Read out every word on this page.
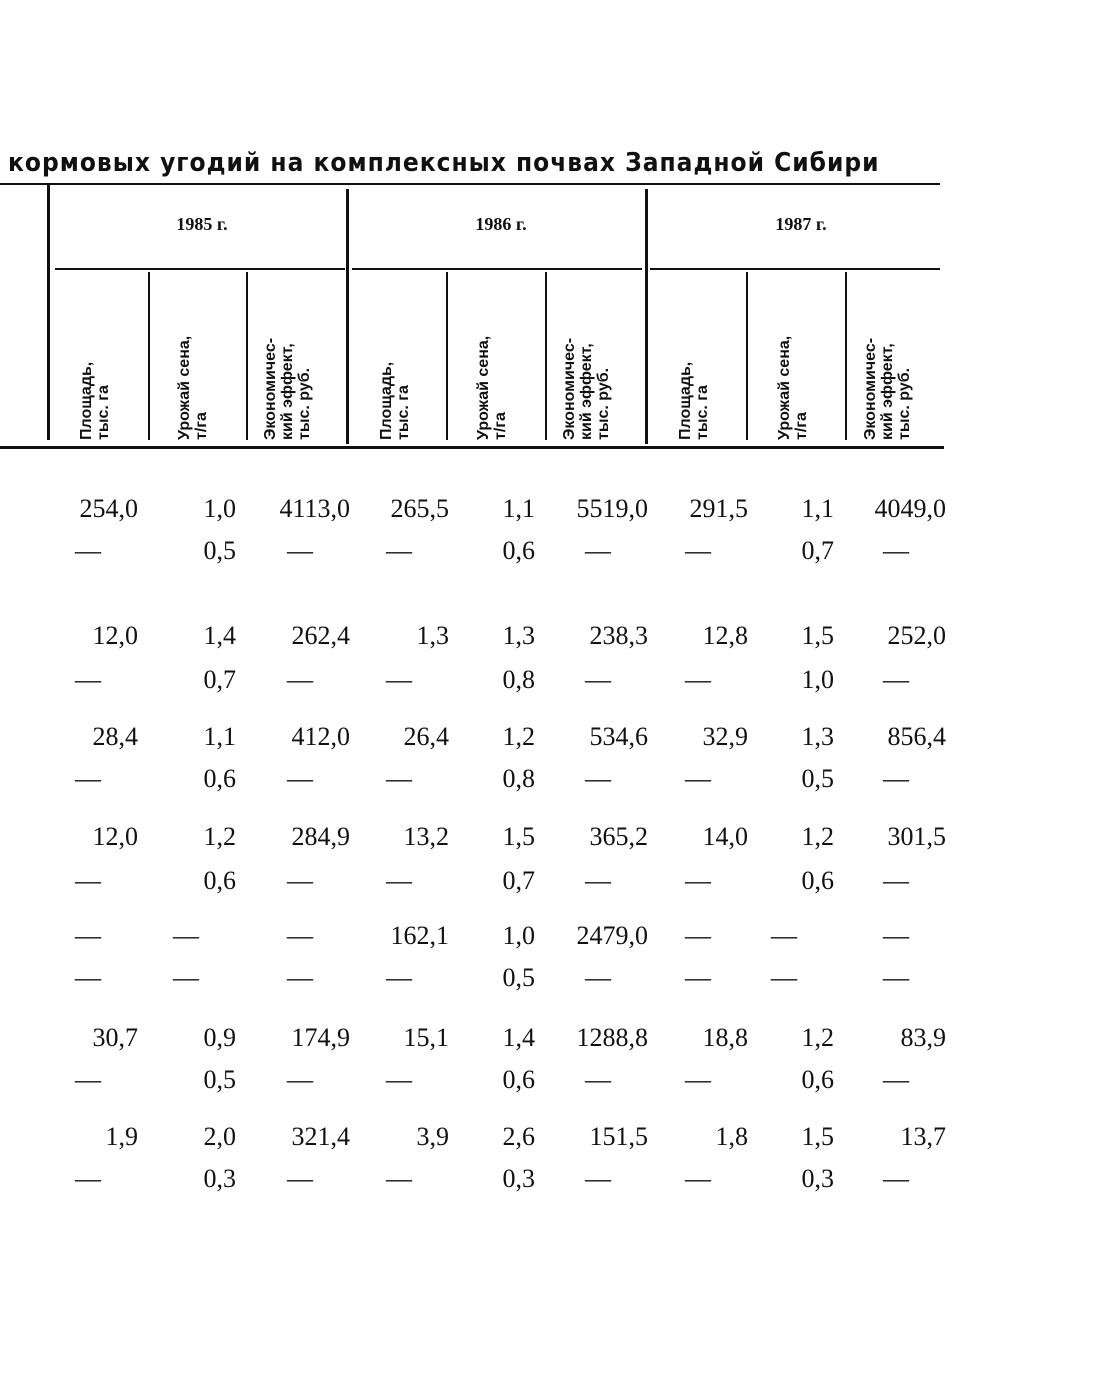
кормовых угодий на комплексных почвах Западной Сибири
1985 г.	1986 г.	1987 г.
Площадь,
тыс. га	Урожай сена,
т/га	Экономичес-
кий эффект,
тыс. руб.	Площадь,
тыс. га	Урожай сена,
т/га	Экономичес-
кий эффект,
тыс. руб.	Площадь,
тыс. га	Урожай сена,
т/га	Экономичес-
кий эффект,
тыс. руб.
254,0	1,0	4113,0	265,5	1,1	5519,0	291,5	1,1	4049,0
—	0,5	—	—	0,6	—	—	0,7	—
12,0	1,4	262,4	1,3	1,3	238,3	12,8	1,5	252,0
—	0,7	—	—	0,8	—	—	1,0	—
28,4	1,1	412,0	26,4	1,2	534,6	32,9	1,3	856,4
—	0,6	—	—	0,8	—	—	0,5	—
12,0	1,2	284,9	13,2	1,5	365,2	14,0	1,2	301,5
—	0,6	—	—	0,7	—	—	0,6	—
—	—	—	162,1	1,0	2479,0	—	—	—
—	—	—	—	0,5	—	—	—	—
30,7	0,9	174,9	15,1	1,4	1288,8	18,8	1,2	83,9
—	0,5	—	—	0,6	—	—	0,6	—
1,9	2,0	321,4	3,9	2,6	151,5	1,8	1,5	13,7
—	0,3	—	—	0,3	—	—	0,3	—
